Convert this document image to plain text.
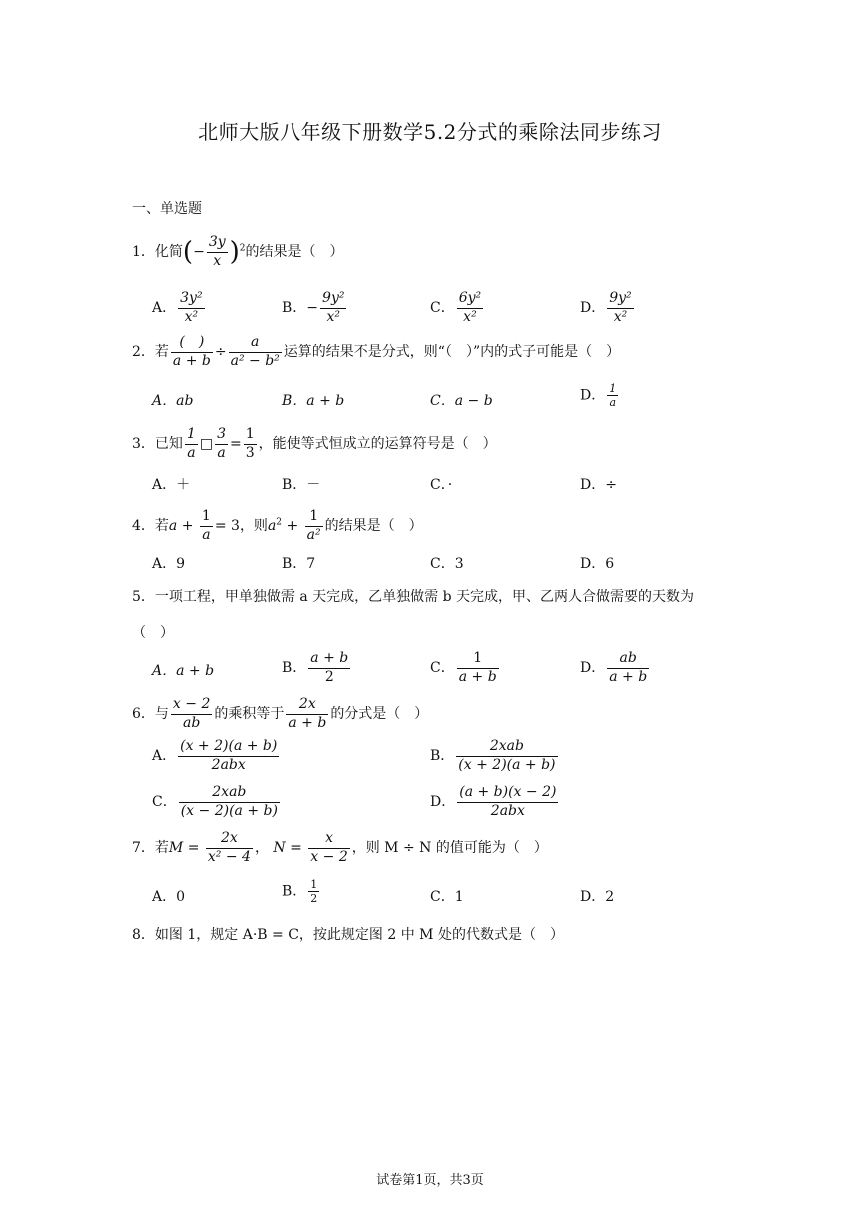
北师大版八年级下册数学5.2分式的乘除法同步练习
一、单选题
1．化简(− $\frac{3y}{x} )^2$的结果是（　）
A． $\frac{\text{3y²}}{\text{x²}}$	B．− $\frac{\text{9y²}}{\text{x²}}$	C． $\frac{\text{6y²}}{\text{x²}}$	D． $\frac{\text{9y²}}{\text{x²}}$
2．若 $\frac{( )}{a + b} \div \frac{a}{\text{a² − b²}}$ 运算的结果不是分式，则“（　）”内的式子可能是（　）
A．ab	B．a + b	C．a − b	D． $\frac{1}{a}$
3．已知 $\frac{1}{a}$ □ $\frac{3}{a} = \frac{1}{3}$ ，能使等式恒成立的运算符号是（　）
A．＋	B．－	C．·	D．÷
4．若$a + \frac{1}{a} = 3$，则$a^2 + \frac{1}{\text{a²}}$ 的结果是（　）
A．9	B．7	C．3	D．6
5．一项工程，甲单独做需 a 天完成，乙单独做需 b 天完成，甲、乙两人合做需要的天数为
（　）
A．a + b	B． $\frac{a + b}{2}$	C． $\frac{1}{a + b}$	D． $\frac{ab}{a + b}$
6．与 $\frac{x - 2}{ab}$ 的乘积等于 $\frac{2x}{a + b}$ 的分式是（　）
A． $\frac{(x + 2)(a + b)}{\text{2abx}}$	B． $\frac{\text{2xab}}{(x + 2)(a + b)}$
C． $\frac{\text{2xab}}{(x - 2)(a + b)}$	D． $\frac{(a + b)(x - 2)}{\text{2abx}}$
7．若$M = \frac{2x}{\text{x² − 4}}$ ， $N = \frac{x}{x - 2}$ ，则 M ÷ N 的值可能为（　）
A．0	B． $\frac{1}{2}$	C．1	D．2
8．如图 1，规定 A·B = C，按此规定图 2 中 M 处的代数式是（　）
试卷第1页，共3页
